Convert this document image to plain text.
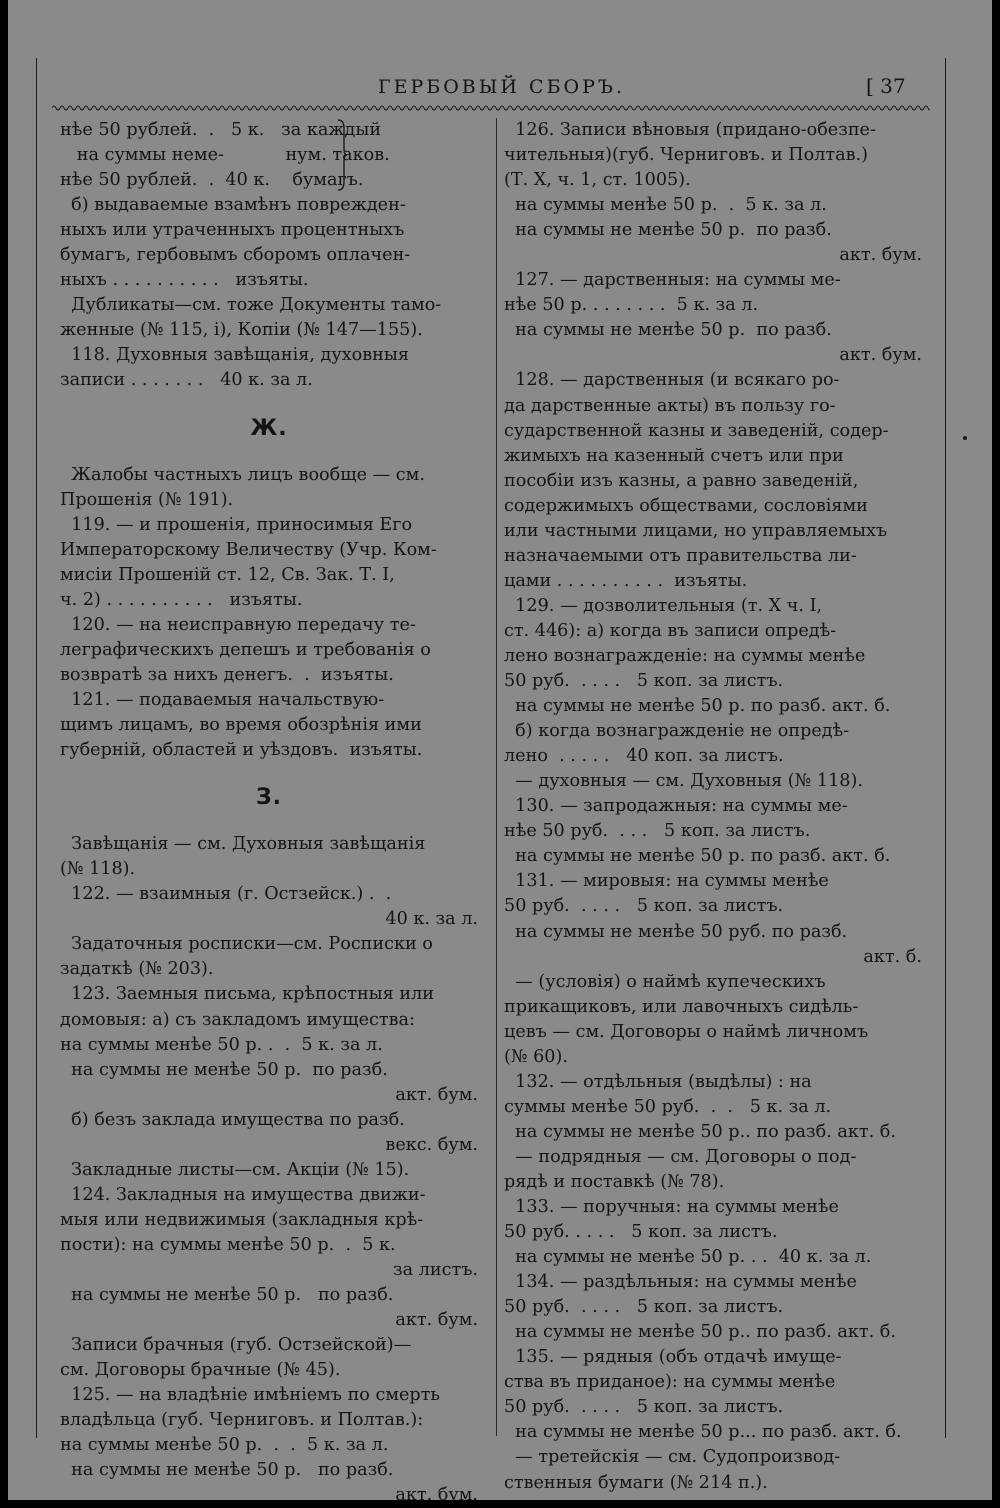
ГЕРБОВЫЙ СБОРЪ.	[ 37
нѣе 50 рублей.  .   5 к.   за каждый
на суммы неме-           нум. таков.
нѣе 50 рублей.  .  40 к.    бумагъ.
б) выдаваемые взамѣнъ поврежден-
ныхъ или утраченныхъ процентныхъ
бумагъ, гербовымъ сборомъ оплачен-
ныхъ . . . . . . . . . .   изъяты.
Дубликаты—см. тоже Документы тамо-
женные (№ 115, і), Копіи (№ 147—155).
118. Духовныя завѣщанія, духовныя
записи . . . . . . .   40 к. за л.
Ж.
Жалобы частныхъ лицъ вообще — см.
Прошенія (№ 191).
119. — и прошенія, приносимыя Его
Императорскому Величеству (Учр. Ком-
мисіи Прошеній ст. 12, Св. Зак. Т. І,
ч. 2) . . . . . . . . . .   изъяты.
120. — на неисправную передачу те-
леграфическихъ депешъ и требованія о
возвратѣ за нихъ денегъ.  .  изъяты.
121. — подаваемыя начальствую-
щимъ лицамъ, во время обозрѣнія ими
губерній, областей и уѣздовъ.  изъяты.
З.
Завѣщанія — см. Духовныя завѣщанія
(№ 118).
122. — взаимныя (г. Остзейск.) .  .
40 к. за л.
Задаточныя росписки—см. Росписки о
задаткѣ (№ 203).
123. Заемныя письма, крѣпостныя или
домовыя: а) съ закладомъ имущества:
на суммы менѣе 50 р. .  .  5 к. за л.
на суммы не менѣе 50 р.  по разб.
акт. бум.
б) безъ заклада имущества по разб.
векс. бум.
Закладные листы—см. Акціи (№ 15).
124. Закладныя на имущества движи-
мыя или недвижимыя (закладныя крѣ-
пости): на суммы менѣе 50 р.  .  5 к.
за листъ.
на суммы не менѣе 50 р.   по разб.
акт. бум.
Записи брачныя (губ. Остзейской)—
см. Договоры брачные (№ 45).
125. — на владѣніе имѣніемъ по смерть
владѣльца (губ. Черниговъ. и Полтав.):
на суммы менѣе 50 р.  .  .  5 к. за л.
на суммы не менѣе 50 р.   по разб.
акт. бум.
126. Записи вѣновыя (придано-обезпе-
чительныя)(губ. Черниговъ. и Полтав.)
(Т. Х, ч. 1, ст. 1005).
на суммы менѣе 50 р.  .  5 к. за л.
на суммы не менѣе 50 р.  по разб.
акт. бум.
127. — дарственныя: на суммы ме-
нѣе 50 р. . . . . . . .  5 к. за л.
на суммы не менѣе 50 р.  по разб.
акт. бум.
128. — дарственныя (и всякаго ро-
да дарственные акты) въ пользу го-
сударственной казны и заведеній, содер-
жимыхъ на казенный счетъ или при
пособіи изъ казны, а равно заведеній,
содержимыхъ обществами, сословіями
или частными лицами, но управляемыхъ
назначаемыми отъ правительства ли-
цами . . . . . . . . . .  изъяты.
129. — дозволительныя (т. Х ч. I,
ст. 446): а) когда въ записи опредѣ-
лено вознагражденіе: на суммы менѣе
50 руб.  . . . .   5 коп. за листъ.
на суммы не менѣе 50 р. по разб. акт. б.
б) когда вознагражденіе не опредѣ-
лено  . . . . .   40 коп. за листъ.
— духовныя — см. Духовныя (№ 118).
130. — запродажныя: на суммы ме-
нѣе 50 руб.  . . .   5 коп. за листъ.
на суммы не менѣе 50 р. по разб. акт. б.
131. — мировыя: на суммы менѣе
50 руб.  . . . .   5 коп. за листъ.
на суммы не менѣе 50 руб. по разб.
акт. б.
— (условія) о наймѣ купеческихъ
прикащиковъ, или лавочныхъ сидѣль-
цевъ — см. Договоры о наймѣ личномъ
(№ 60).
132. — отдѣльныя (выдѣлы) : на
суммы менѣе 50 руб.  .  .   5 к. за л.
на суммы не менѣе 50 р.. по разб. акт. б.
— подрядныя — см. Договоры о под-
рядѣ и поставкѣ (№ 78).
133. — поручныя: на суммы менѣе
50 руб. . . . .   5 коп. за листъ.
на суммы не менѣе 50 р. . .  40 к. за л.
134. — раздѣльныя: на суммы менѣе
50 руб.  . . . .   5 коп. за листъ.
на суммы не менѣе 50 р.. по разб. акт. б.
135. — рядныя (объ отдачѣ имуще-
ства въ приданое): на суммы менѣе
50 руб.  . . . .   5 коп. за листъ.
на суммы не менѣе 50 р... по разб. акт. б.
— третейскія — см. Судопроизвод-
ственныя бумаги (№ 214 п.).
